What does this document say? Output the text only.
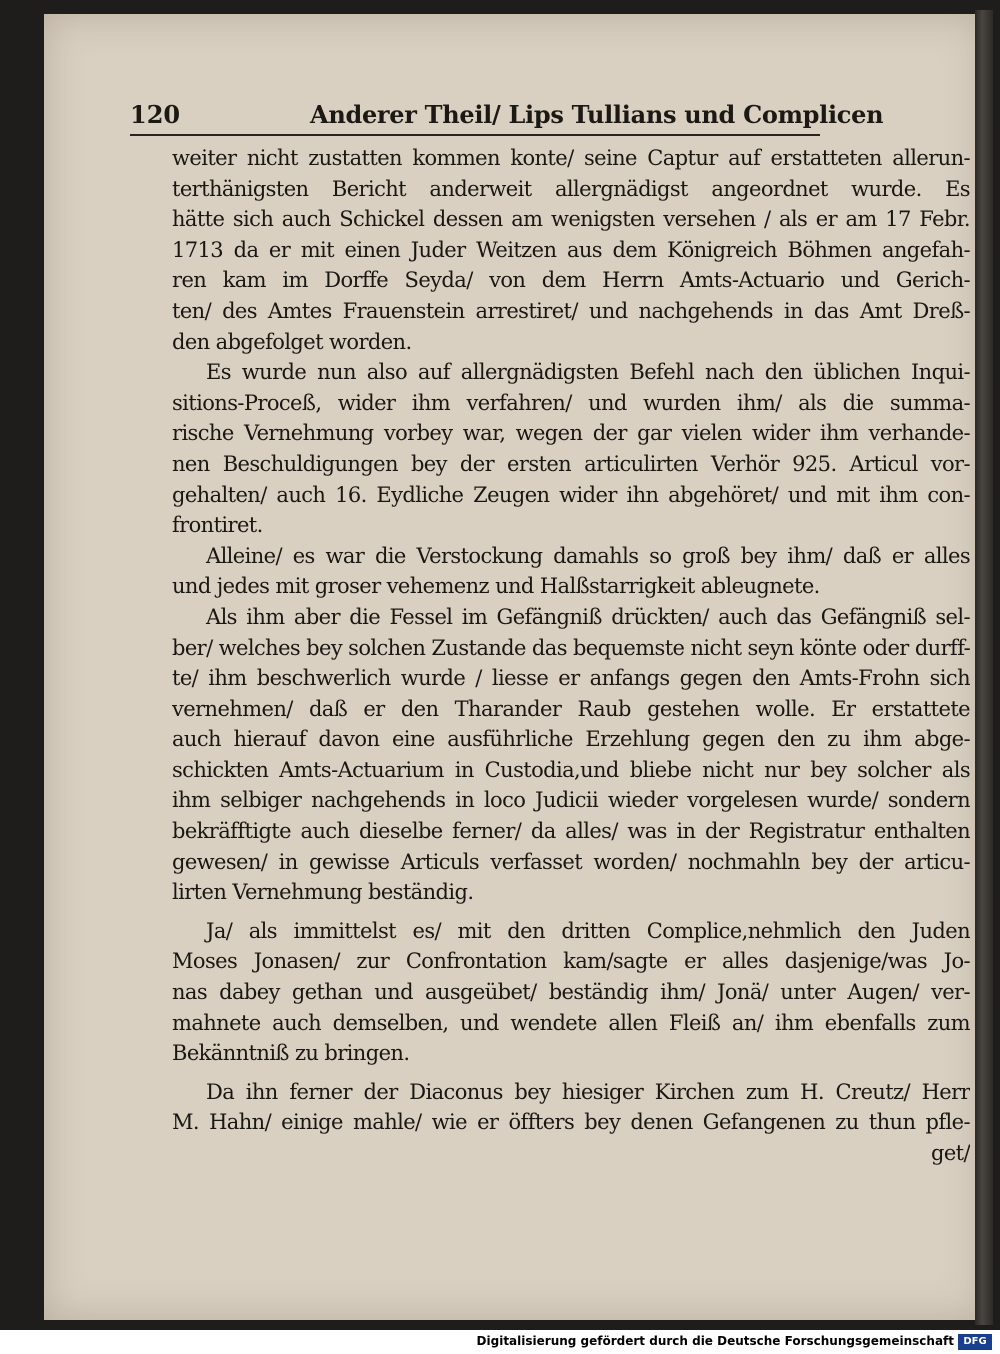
120	Anderer Theil/ Lips Tullians und Complicen
weiter nicht zustatten kommen konte/ seine Captur auf erstatteten allerun-
terthänigsten Bericht anderweit allergnädigst angeordnet wurde. Es
hätte sich auch Schickel dessen am wenigsten versehen / als er am 17 Febr.
1713 da er mit einen Juder Weitzen aus dem Königreich Böhmen angefah-
ren kam im Dorffe Seyda/ von dem Herrn Amts-Actuario und Gerich-
ten/ des Amtes Frauenstein arrestiret/ und nachgehends in das Amt Dreß-
den abgefolget worden.
Es wurde nun also auf allergnädigsten Befehl nach den üblichen Inqui-
sitions-Proceß, wider ihm verfahren/ und wurden ihm/ als die summa-
rische Vernehmung vorbey war, wegen der gar vielen wider ihm verhande-
nen Beschuldigungen bey der ersten articulirten Verhör 925. Articul vor-
gehalten/ auch 16. Eydliche Zeugen wider ihn abgehöret/ und mit ihm con-
frontiret.
Alleine/ es war die Verstockung damahls so groß bey ihm/ daß er alles
und jedes mit groser vehemenz und Halßstarrigkeit ableugnete.
Als ihm aber die Fessel im Gefängniß drückten/ auch das Gefängniß sel-
ber/ welches bey solchen Zustande das bequemste nicht seyn könte oder durff-
te/ ihm beschwerlich wurde / liesse er anfangs gegen den Amts-Frohn sich
vernehmen/ daß er den Tharander Raub gestehen wolle. Er erstattete
auch hierauf davon eine ausführliche Erzehlung gegen den zu ihm abge-
schickten Amts-Actuarium in Custodia,und bliebe nicht nur bey solcher als
ihm selbiger nachgehends in loco Judicii wieder vorgelesen wurde/ sondern
bekräfftigte auch dieselbe ferner/ da alles/ was in der Registratur enthalten
gewesen/ in gewisse Articuls verfasset worden/ nochmahln bey der articu-
lirten Vernehmung beständig.
Ja/ als immittelst es/ mit den dritten Complice,nehmlich den Juden
Moses Jonasen/ zur Confrontation kam/sagte er alles dasjenige/was Jo-
nas dabey gethan und ausgeübet/ beständig ihm/ Jonä/ unter Augen/ ver-
mahnete auch demselben, und wendete allen Fleiß an/ ihm ebenfalls zum
Bekänntniß zu bringen.
Da ihn ferner der Diaconus bey hiesiger Kirchen zum H. Creutz/ Herr
M. Hahn/ einige mahle/ wie er öffters bey denen Gefangenen zu thun pfle-
get/
Digitalisierung gefördert durch die Deutsche Forschungsgemeinschaft DFG
